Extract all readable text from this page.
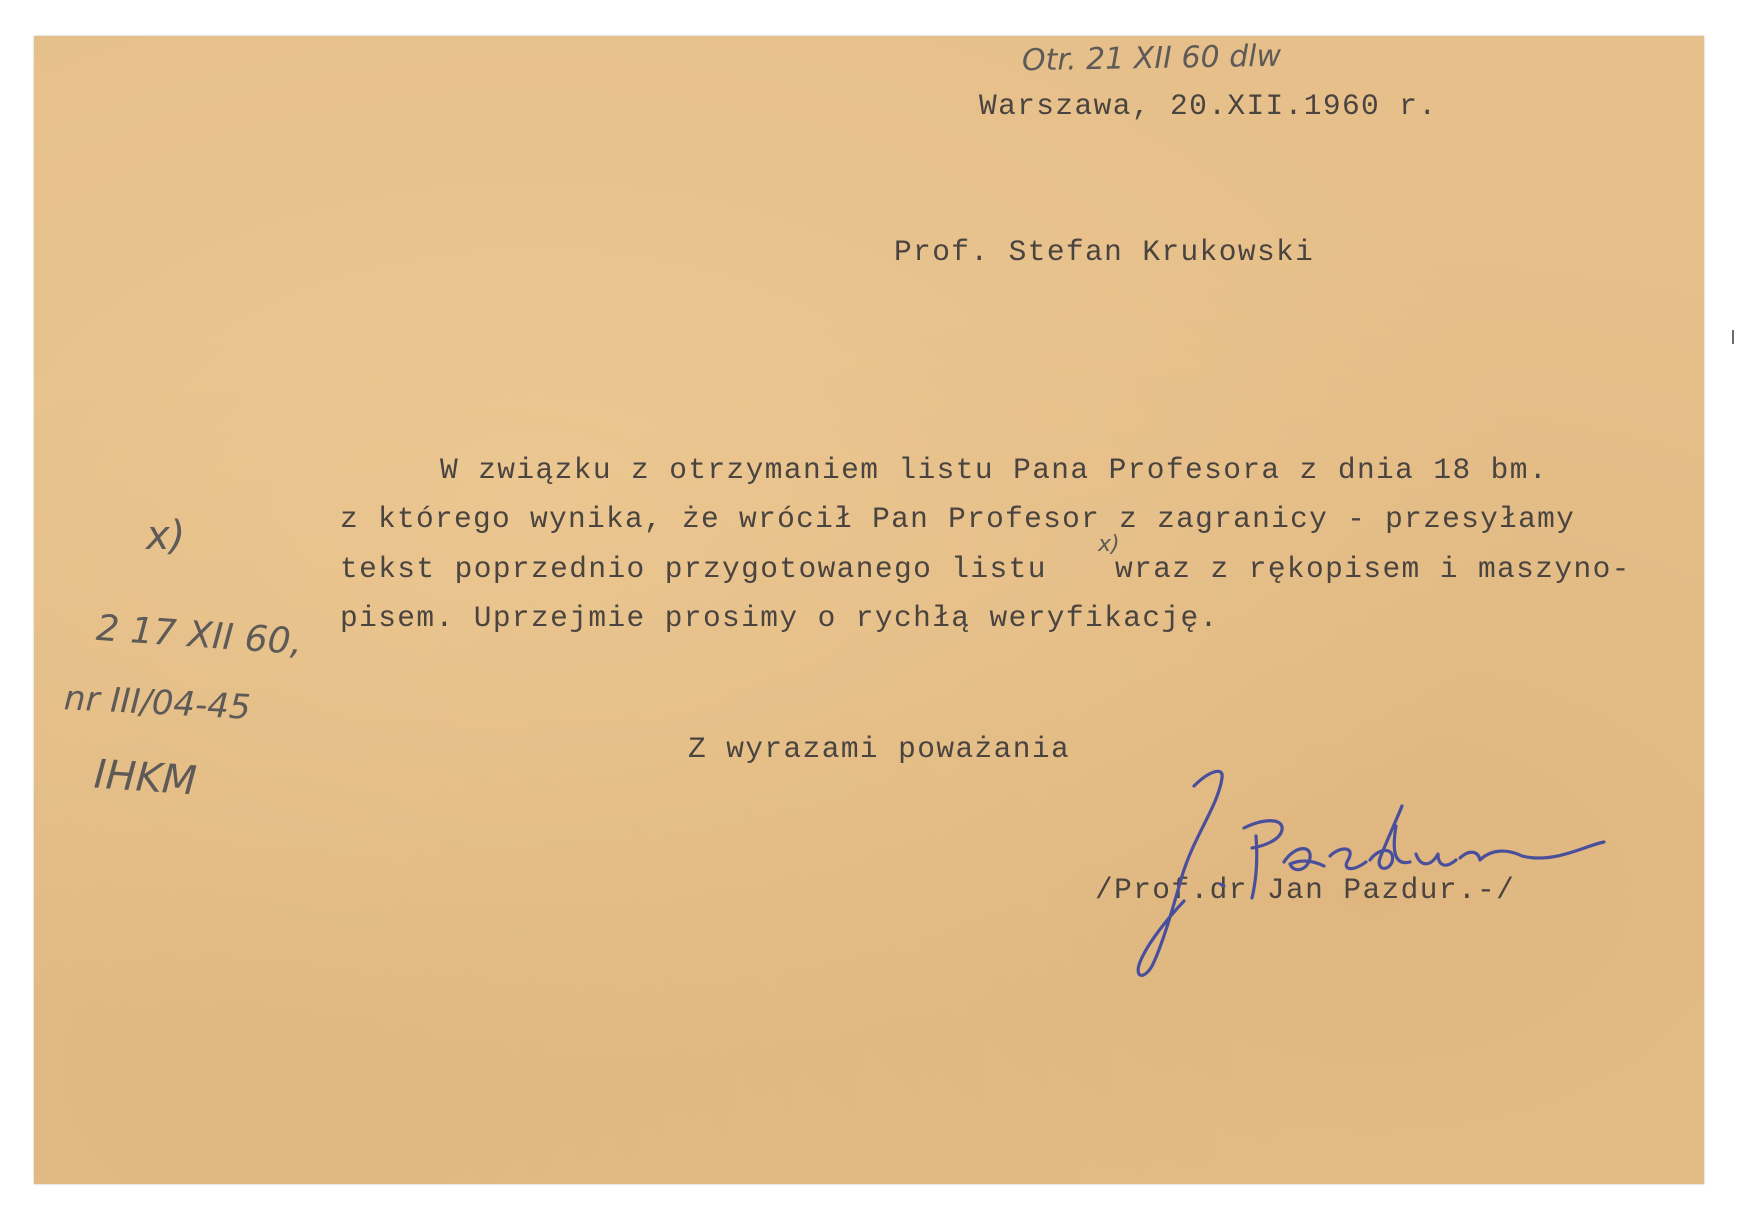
Otr. 21 XII 60 dlw
Warszawa, 20.XII.1960 r.
Prof. Stefan Krukowski
W związku z otrzymaniem listu Pana Profesora z dnia 18 bm.
z którego wynika, że wrócił Pan Profesor z zagranicy - przesyłamy
tekst poprzednio przygotowanego listu
x)
wraz z rękopisem i maszyno-
pisem. Uprzejmie prosimy o rychłą weryfikację.
x)
2 17 XII 60,
nr III/04-45
IHKM
Z wyrazami poważania
/Prof.dr Jan Pazdur.-/
